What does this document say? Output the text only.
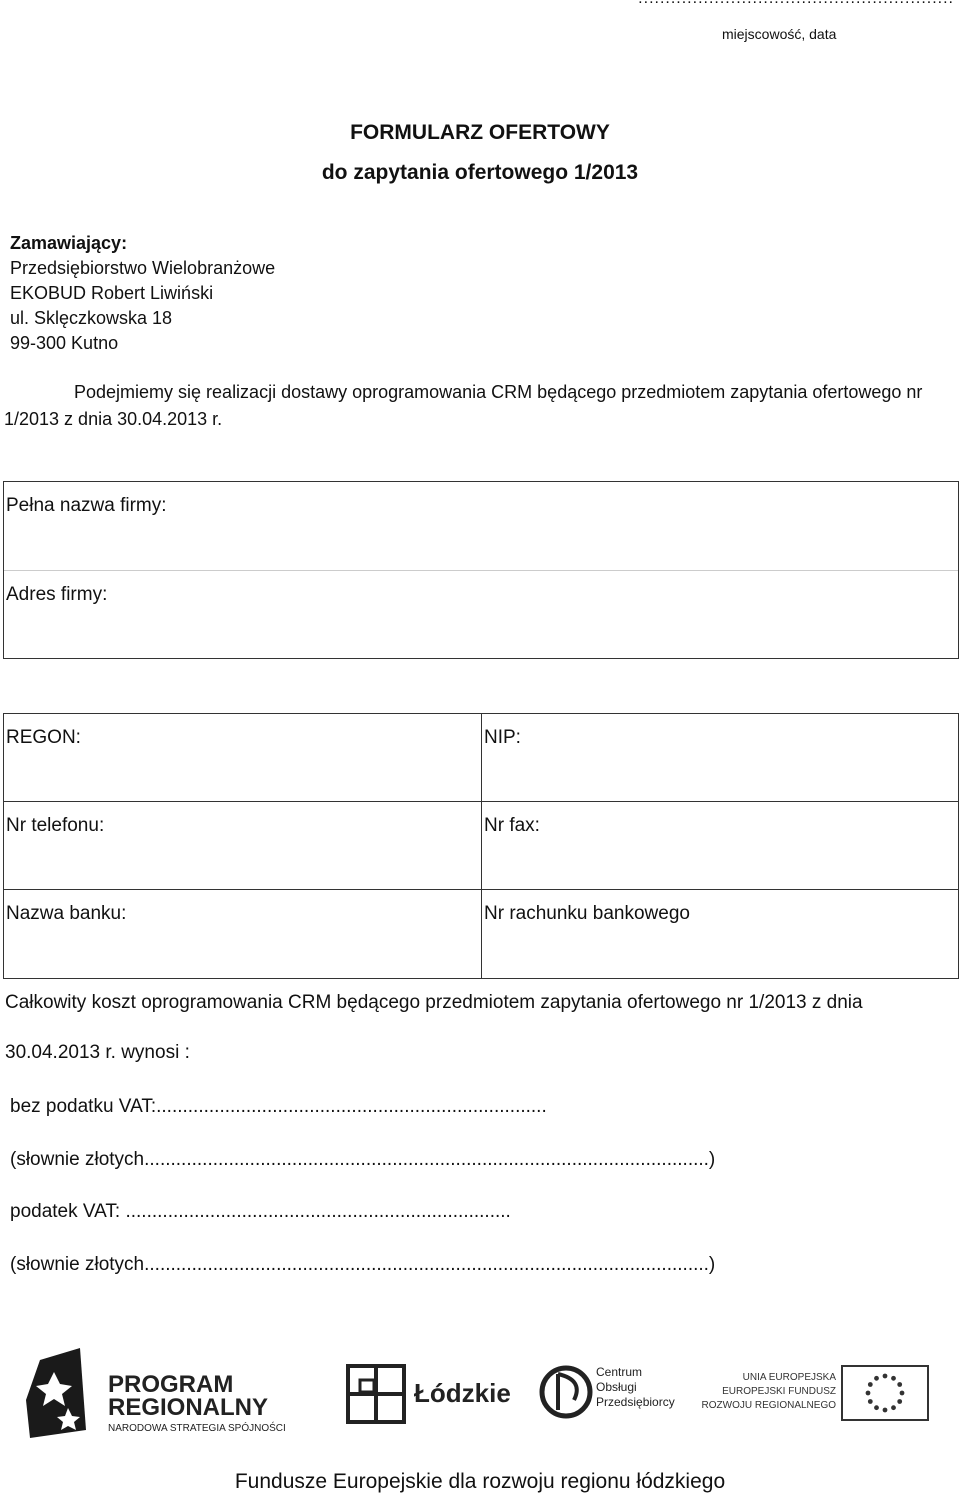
miejscowość, data
FORMULARZ OFERTOWY
do zapytania ofertowego 1/2013
Zamawiający:
Przedsiębiorstwo Wielobranżowe
EKOBUD Robert Liwiński
ul. Sklęczkowska 18
99-300 Kutno
Podejmiemy się realizacji dostawy oprogramowania CRM będącego przedmiotem zapytania ofertowego nr 1/2013 z dnia 30.04.2013 r.
Pełna nazwa firmy:
Adres firmy:
REGON:	NIP:
Nr telefonu:	Nr fax:
Nazwa banku:	Nr rachunku bankowego
Całkowity koszt oprogramowania CRM będącego przedmiotem zapytania ofertowego nr 1/2013 z dnia
30.04.2013 r. wynosi :
bez podatku VAT:..........................................................................
(słownie złotych...........................................................................................................)
podatek VAT: .........................................................................
(słownie złotych...........................................................................................................)
PROGRAM
REGIONALNY
NARODOWA STRATEGIA SPÓJNOŚCI
Łódzkie
Centrum
Obsługi
Przedsiębiorcy
UNIA EUROPEJSKA
EUROPEJSKI FUNDUSZ
ROZWOJU REGIONALNEGO
Fundusze Europejskie dla rozwoju regionu łódzkiego
